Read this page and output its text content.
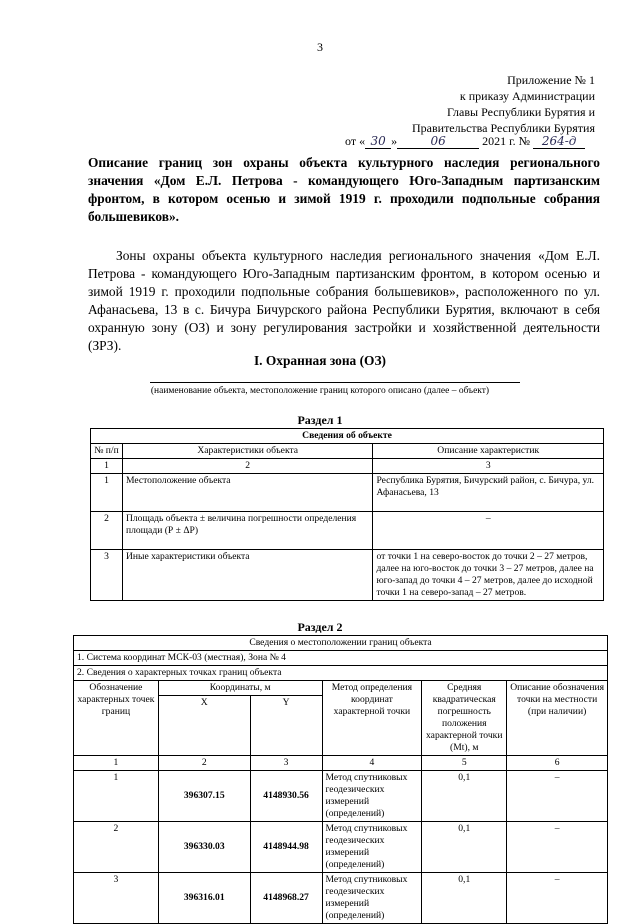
3
Приложение № 1
к приказу Администрации
Главы Республики Бурятия и
Правительства Республики Бурятия
от « 30 »	06	2021 г. № 264-д
Описание границ зон охраны объекта культурного наследия регионального значения «Дом Е.Л. Петрова - командующего Юго-Западным партизанским фронтом, в котором осенью и зимой 1919 г. проходили подпольные собрания большевиков».
Зоны охраны объекта культурного наследия регионального значения «Дом Е.Л. Петрова - командующего Юго-Западным партизанским фронтом, в котором осенью и зимой 1919 г. проходили подпольные собрания большевиков», расположенного по ул. Афанасьева, 13 в с. Бичура Бичурского района Республики Бурятия, включают в себя охранную зону (ОЗ) и зону регулирования застройки и хозяйственной деятельности (ЗРЗ).
I. Охранная зона (ОЗ)
(наименование объекта, местоположение границ которого описано (далее – объект)
Раздел 1
Сведения об объекте		
№ п/п	Характеристики объекта	Описание характеристик
1	2	3
1	Местоположение объекта	Республика Бурятия, Бичурский район, с. Бичура, ул. Афанасьева, 13
2	Площадь объекта ± величина погрешности определения площади (Р ± ΔР)	–
3	Иные характеристики объекта	от точки 1 на северо-восток до точки 2 – 27 метров, далее на юго-восток до точки 3 – 27 метров, далее на юго-запад до точки 4 – 27 метров, далее до исходной точки 1 на северо-запад – 27 метров.
Раздел 2
Сведения о местоположении границ объекта					
1. Система координат МСК-03 (местная), Зона № 4					
2. Сведения о характерных точках границ объекта					
Обозначение характерных точек границ	Координаты, м		Метод определения координат характерной точки	Средняя квадратическая погрешность положения характерной точки (Mt), м	Описание обозначения точки на местности (при наличии)
	X	Y			
1	2	3	4	5	6
1	396307.15	4148930.56	Метод спутниковых геодезических измерений (определений)	0,1	–
2	396330.03	4148944.98	Метод спутниковых геодезических измерений (определений)	0,1	–
3	396316.01	4148968.27	Метод спутниковых геодезических измерений (определений)	0,1	–
